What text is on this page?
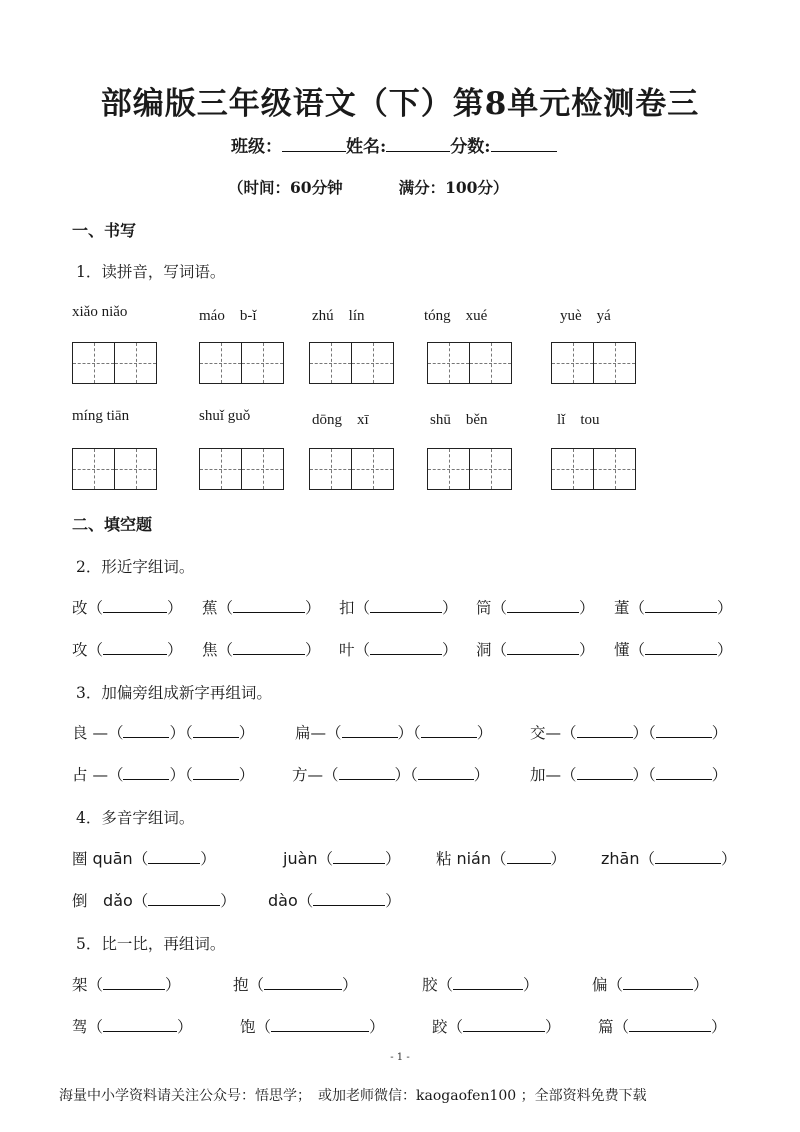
部编版三年级语文（下）第8单元检测卷三
班级：	姓名:	分数:
（时间：60分钟	满分：100分）
一、书写
1．读拼音，写词语。
xiǎo niǎo	máo　b-ǐ	zhú　lín	tóng　xué	yuè　yá
míng tiān	shuǐ guǒ	dōng　xī	shū　běn	lǐ　tou
二、填空题
2．形近字组词。
改（	） 蕉（	） 扣（	） 筒（	） 董（	）
攻（	） 焦（	） 叶（	） 洞（	） 懂（	）
3．加偏旁组成新字再组词。
良 —（	）（	）	扁—（	）（	） 交—（	）（	）
占 —（	）（	） 方—（	）（	）	加—（	）（	）
4．多音字组词。
圈 quān（	）	juàn（	） 粘 nián（	） zhān（	）
倒　 dǎo（	） dào（	）
5．比一比，再组词。
架（	）	抱（	）	胶（	）	偏（	）
驾（	）	饱（	）	跤（	） 篇（	）
- 1 -
海量中小学资料请关注公众号：悟思学；　或加老师微信：kaogaofen100 ；全部资料免费下载
